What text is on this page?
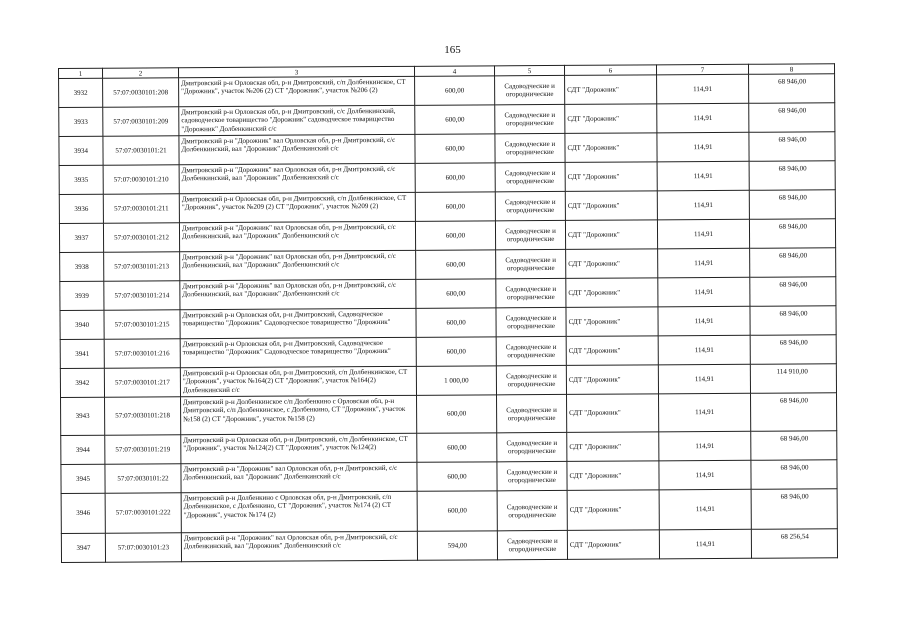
165
1	2	3	4	5	6	7	8
3932	57:07:0030101:208	Дмитровский р-н Орловская обл, р-н Дмитровский, с/п Долбенкинское, СТ "Дорожник", участок №206 (2) СТ "Дорожник", участок №206 (2)	600,00	Садоводческие и огороднические	СДТ "Дорожник"	114,91	68 946,00
3933	57:07:0030101:209	Дмитровский р-н Орловская обл, р-н Дмитровский, с/с Долбенкинский, садоводческое товарищество "Дорожник" садоводческое товарищество "Дорожник" Долбенкинский с/с	600,00	Садоводческие и огороднические	СДТ "Дорожник"	114,91	68 946,00
3934	57:07:0030101:21	Дмитровский р-н "Дорожник" вал Орловская обл, р-н Дмитровский, с/с Долбенкинский, вал "Дорожник" Долбенкинский с/с	600,00	Садоводческие и огороднические	СДТ "Дорожник"	114,91	68 946,00
3935	57:07:0030101:210	Дмитровский р-н "Дорожник" вал Орловская обл, р-н Дмитровский, с/с Долбенкинский, вал "Дорожник" Долбенкинский с/с	600,00	Садоводческие и огороднические	СДТ "Дорожник"	114,91	68 946,00
3936	57:07:0030101:211	Дмитровский р-н Орловская обл, р-н Дмитровский, с/п Долбенкинское, СТ "Дорожник", участок №209 (2) СТ "Дорожник", участок №209 (2)	600,00	Садоводческие и огороднические	СДТ "Дорожник"	114,91	68 946,00
3937	57:07:0030101:212	Дмитровский р-н "Дорожник" вал Орловская обл, р-н Дмитровский, с/с Долбенкинский, вал "Дорожник" Долбенкинский с/с	600,00	Садоводческие и огороднические	СДТ "Дорожник"	114,91	68 946,00
3938	57:07:0030101:213	Дмитровский р-н "Дорожник" вал Орловская обл, р-н Дмитровский, с/с Долбенкинский, вал "Дорожник" Долбенкинский с/с	600,00	Садоводческие и огороднические	СДТ "Дорожник"	114,91	68 946,00
3939	57:07:0030101:214	Дмитровский р-н "Дорожник" вал Орловская обл, р-н Дмитровский, с/с Долбенкинский, вал "Дорожник" Долбенкинский с/с	600,00	Садоводческие и огороднические	СДТ "Дорожник"	114,91	68 946,00
3940	57:07:0030101:215	Дмитровский р-н Орловская обл, р-н Дмитровский, Садоводческое товарищество "Дорожник" Садоводческое товарищество "Дорожник"	600,00	Садоводческие и огороднические	СДТ "Дорожник"	114,91	68 946,00
3941	57:07:0030101:216	Дмитровский р-н Орловская обл, р-н Дмитровский, Садоводческое товарищество "Дорожник" Садоводческое товарищество "Дорожник"	600,00	Садоводческие и огороднические	СДТ "Дорожник"	114,91	68 946,00
3942	57:07:0030101:217	Дмитровский р-н Орловская обл, р-н Дмитровский, с/п Долбенкинское, СТ "Дорожник", участок №164(2) СТ "Дорожник", участок №164(2) Долбенкинский с/с	1 000,00	Садоводческие и огороднические	СДТ "Дорожник"	114,91	114 910,00
3943	57:07:0030101:218	Дмитровский р-н Долбенкинское с/п Долбенкино с Орловская обл, р-н Дмитровский, с/п Долбенкинское, с Долбенкино, СТ "Дорожник", участок №158 (2) СТ "Дорожник", участок №158 (2)	600,00	Садоводческие и огороднические	СДТ "Дорожник"	114,91	68 946,00
3944	57:07:0030101:219	Дмитровский р-н Орловская обл, р-н Дмитровский, с/п Долбенкинское, СТ "Дорожник", участок №124(2) СТ "Дорожник", участок №124(2)	600,00	Садоводческие и огороднические	СДТ "Дорожник"	114,91	68 946,00
3945	57:07:0030101:22	Дмитровский р-н "Дорожник" вал Орловская обл, р-н Дмитровский, с/с Долбенкинский, вал "Дорожник" Долбенкинский с/с	600,00	Садоводческие и огороднические	СДТ "Дорожник"	114,91	68 946,00
3946	57:07:0030101:222	Дмитровский р-н Долбенкино с Орловская обл, р-н Дмитровский, с/п Долбенкинское, с Долбенкино, СТ "Дорожник", участок №174 (2) СТ "Дорожник", участок №174 (2)	600,00	Садоводческие и огороднические	СДТ "Дорожник"	114,91	68 946,00
3947	57:07:0030101:23	Дмитровский р-н "Дорожник" вал Орловская обл, р-н Дмитровский, с/с Долбенкинский, вал "Дорожник" Долбенкинский с/с	594,00	Садоводческие и огороднические	СДТ "Дорожник"	114,91	68 256,54
